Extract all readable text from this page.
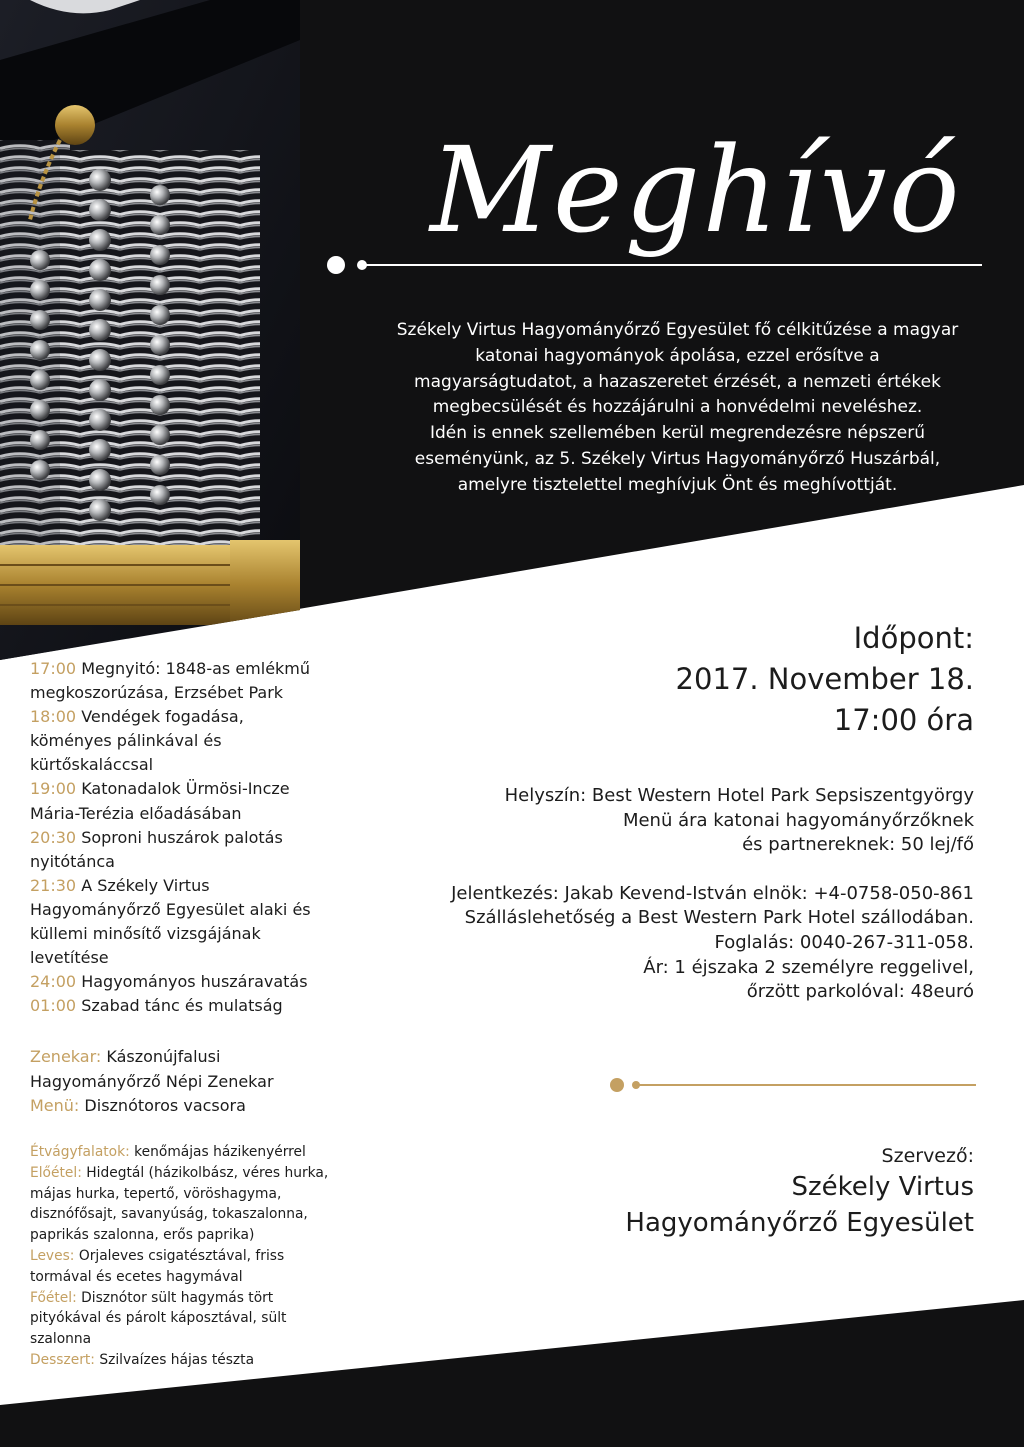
Meghívó
Székely Virtus Hagyományőrző Egyesület fő célkitűzése a magyar
katonai hagyományok ápolása, ezzel erősítve a
magyarságtudatot, a hazaszeretet érzését, a nemzeti értékek
megbecsülését és hozzájárulni a honvédelmi neveléshez.
Idén is ennek szellemében kerül megrendezésre népszerű
eseményünk, az 5. Székely Virtus Hagyományőrző Huszárbál,
amelyre tisztelettel meghívjuk Önt és meghívottját.
Időpont:
2017. November 18.
17:00 óra
Helyszín: Best Western Hotel Park Sepsiszentgyörgy
Menü ára katonai hagyományőrzőknek
és partnereknek: 50 lej/fő
Jelentkezés: Jakab Kevend-István elnök: +4-0758-050-861
Szálláslehetőség a Best Western Park Hotel szállodában.
Foglalás: 0040-267-311-058.
Ár: 1 éjszaka 2 személyre reggelivel,
őrzött parkolóval: 48euró
Szervező:
Székely Virtus
Hagyományőrző Egyesület
17:00 Megnyitó: 1848-as emlékmű
megkoszorúzása, Erzsébet Park
18:00 Vendégek fogadása,
köményes pálinkával és
kürtőskaláccsal
19:00 Katonadalok Ürmösi-Incze
Mária-Terézia előadásában
20:30 Soproni huszárok palotás
nyitótánca
21:30 A Székely Virtus
Hagyományőrző Egyesület alaki és
küllemi minősítő vizsgájának
levetítése
24:00 Hagyományos huszáravatás
01:00 Szabad tánc és mulatság
Zenekar: Kászonújfalusi
Hagyományőrző Népi Zenekar
Menü: Disznótoros vacsora
Étvágyfalatok: kenőmájas házikenyérrel
Előétel: Hidegtál (házikolbász, véres hurka,
májas hurka, tepertő, vöröshagyma,
disznófősajt, savanyúság, tokaszalonna,
paprikás szalonna, erős paprika)
Leves: Orjaleves csigatésztával, friss
tormával és ecetes hagymával
Főétel: Disznótor sült hagymás tört
pityókával és párolt káposztával, sült
szalonna
Desszert: Szilvaízes hájas tészta
